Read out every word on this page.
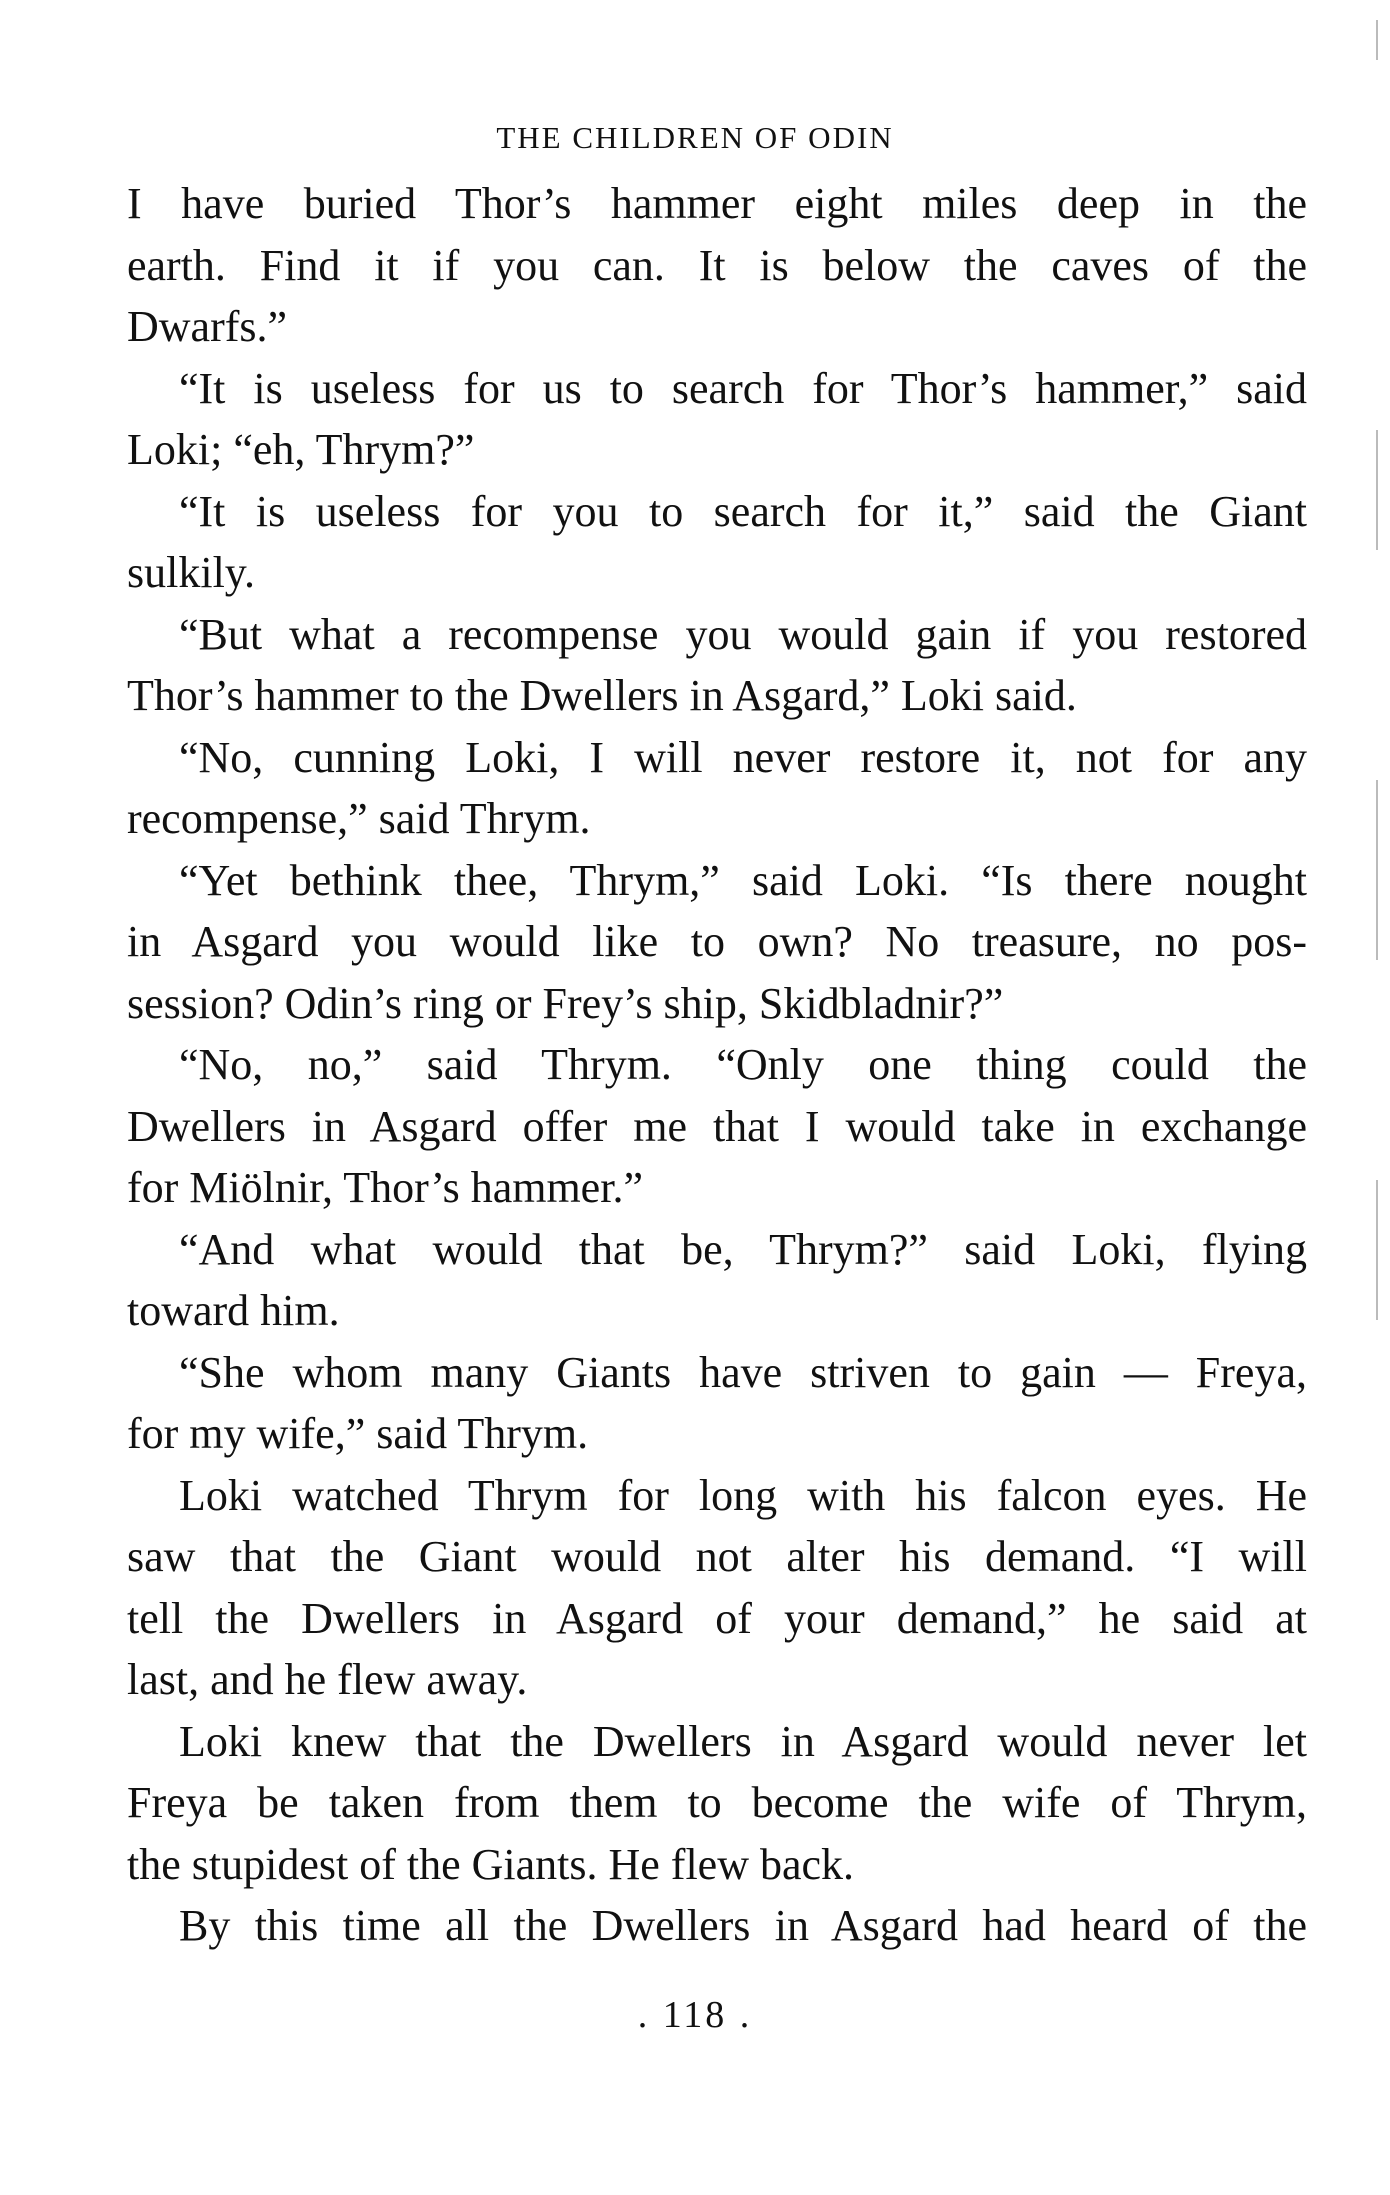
THE CHILDREN OF ODIN
I have buried Thor’s hammer eight miles deep in the
earth. Find it if you can. It is below the caves of the
Dwarfs.”
“It is useless for us to search for Thor’s hammer,” said
Loki; “eh, Thrym?”
“It is useless for you to search for it,” said the Giant
sulkily.
“But what a recompense you would gain if you restored
Thor’s hammer to the Dwellers in Asgard,” Loki said.
“No, cunning Loki, I will never restore it, not for any
recompense,” said Thrym.
“Yet bethink thee, Thrym,” said Loki. “Is there nought
in Asgard you would like to own? No treasure, no pos-
session? Odin’s ring or Frey’s ship, Skidbladnir?”
“No, no,” said Thrym. “Only one thing could the
Dwellers in Asgard offer me that I would take in exchange
for Miölnir, Thor’s hammer.”
“And what would that be, Thrym?” said Loki, flying
toward him.
“She whom many Giants have striven to gain — Freya,
for my wife,” said Thrym.
Loki watched Thrym for long with his falcon eyes. He
saw that the Giant would not alter his demand. “I will
tell the Dwellers in Asgard of your demand,” he said at
last, and he flew away.
Loki knew that the Dwellers in Asgard would never let
Freya be taken from them to become the wife of Thrym,
the stupidest of the Giants. He flew back.
By this time all the Dwellers in Asgard had heard of the
. 118 .
